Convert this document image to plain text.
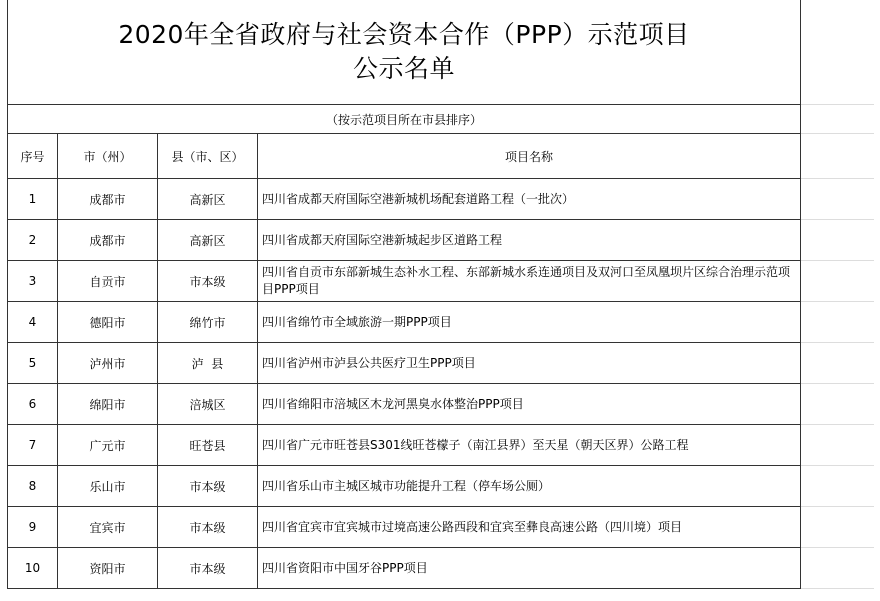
2020年全省政府与社会资本合作（PPP）示范项目
公示名单				

（按示范项目所在市县排序）				
序号	市（州）	县（市、区）	项目名称	
1	成都市	高新区	四川省成都天府国际空港新城机场配套道路工程（一批次）	
2	成都市	高新区	四川省成都天府国际空港新城起步区道路工程	
3	自贡市	市本级	四川省自贡市东部新城生态补水工程、东部新城水系连通项目及双河口至凤凰坝片区综合治理示范项目PPP项目	
4	德阳市	绵竹市	四川省绵竹市全域旅游一期PPP项目	
5	泸州市	泸  县	四川省泸州市泸县公共医疗卫生PPP项目	
6	绵阳市	涪城区	四川省绵阳市涪城区木龙河黑臭水体整治PPP项目	
7	广元市	旺苍县	四川省广元市旺苍县S301线旺苍檬子（南江县界）至天星（朝天区界）公路工程	
8	乐山市	市本级	四川省乐山市主城区城市功能提升工程（停车场公厕）	
9	宜宾市	市本级	四川省宜宾市宜宾城市过境高速公路西段和宜宾至彝良高速公路（四川境）项目	
10	资阳市	市本级	四川省资阳市中国牙谷PPP项目	
